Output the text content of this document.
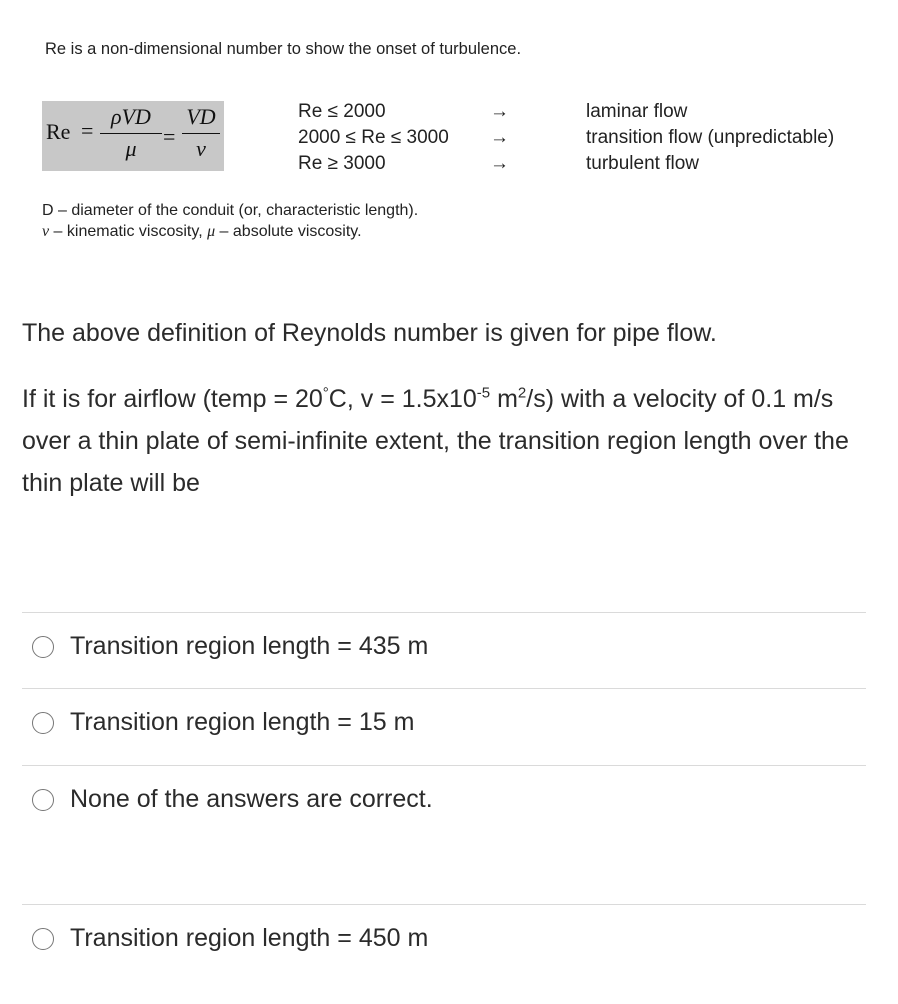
Re is a non-dimensional number to show the onset of turbulence.
Re =
ρVD
μ	=
VD
ν
Re ≤ 2000
2000 ≤ Re ≤ 3000
Re ≥ 3000
→
→
→
laminar flow
transition flow (unpredictable)
turbulent flow
D – diameter of the conduit (or, characteristic length).
ν – kinematic viscosity, μ – absolute viscosity.

The above definition of Reynolds number is given for pipe flow.

If it is for airflow (temp = 20°C, $v = 1.5x10^{-5}$ $m^2/s$) with a velocity of 0.1 m/s over a thin plate of semi-infinite extent, the transition region length over the thin plate will be

Transition region length = 435 m
Transition region length = 15 m
None of the answers are correct.
Transition region length = 450 m
